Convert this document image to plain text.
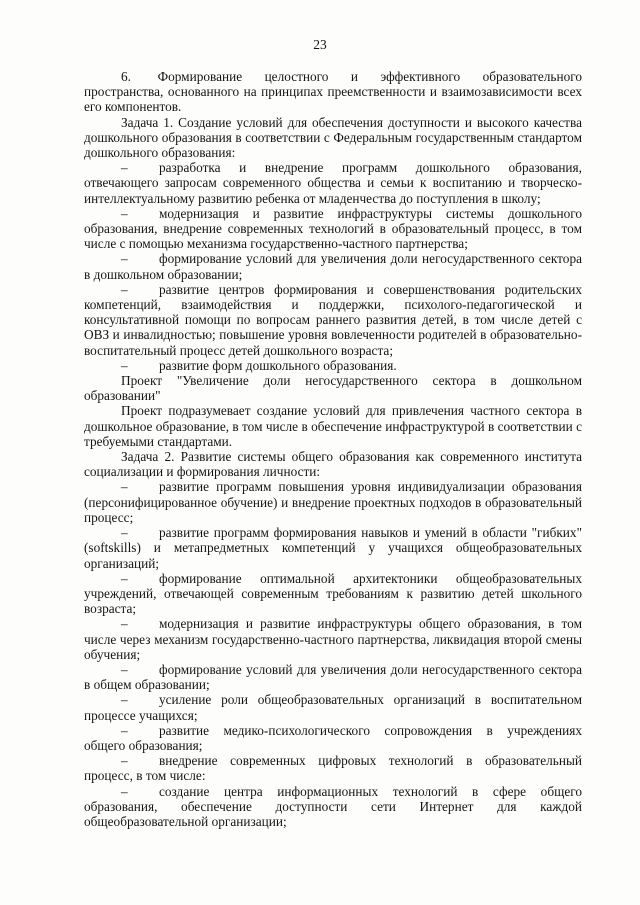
23

6.  Формирование целостного и эффективного образовательного пространства, основанного на принципах преемственности и взаимозависимости всех его компонентов.

Задача 1. Создание условий для обеспечения доступности и высокого качества дошкольного образования в соответствии с Федеральным государственным стандартом дошкольного образования:

– разработка и внедрение программ дошкольного образования, отвечающего запросам современного общества и семьи к воспитанию и творческо-интеллектуальному развитию ребенка от младенчества до поступления в школу;

– модернизация и развитие инфраструктуры системы дошкольного образования, внедрение современных технологий в образовательный процесс, в том числе с помощью механизма государственно-частного партнерства;

– формирование условий для увеличения доли негосударственного сектора в дошкольном образовании;

– развитие центров формирования и совершенствования родительских компетенций, взаимодействия и поддержки, психолого-педагогической и консультативной помощи по вопросам раннего развития детей, в том числе детей с ОВЗ и инвалидностью; повышение уровня вовлеченности родителей в образовательно-воспитательный процесс детей дошкольного возраста;

– развитие форм дошкольного образования.

Проект "Увеличение доли негосударственного сектора в дошкольном образовании"

Проект подразумевает создание условий для привлечения частного сектора в дошкольное образование, в том числе в обеспечение инфраструктурой в соответствии с требуемыми стандартами.

Задача 2. Развитие системы общего образования как современного института социализации и формирования личности:

– развитие программ повышения уровня индивидуализации образования (персонифицированное обучение) и внедрение проектных подходов в образовательный процесс;

– развитие программ формирования навыков и умений в области "гибких" (softskills) и метапредметных компетенций у учащихся общеобразовательных организаций;

– формирование оптимальной архитектоники общеобразовательных учреждений, отвечающей современным требованиям к развитию детей школьного возраста;

– модернизация и развитие инфраструктуры общего образования, в том числе через механизм государственно-частного партнерства, ликвидация второй смены обучения;

– формирование условий для увеличения доли негосударственного сектора в общем образовании;

– усиление роли общеобразовательных организаций в воспитательном процессе учащихся;

– развитие медико-психологического сопровождения в учреждениях общего образования;

– внедрение современных цифровых технологий в образовательный процесс, в том числе:

– создание центра информационных технологий в сфере общего образования, обеспечение доступности сети Интернет для каждой общеобразовательной организации;
